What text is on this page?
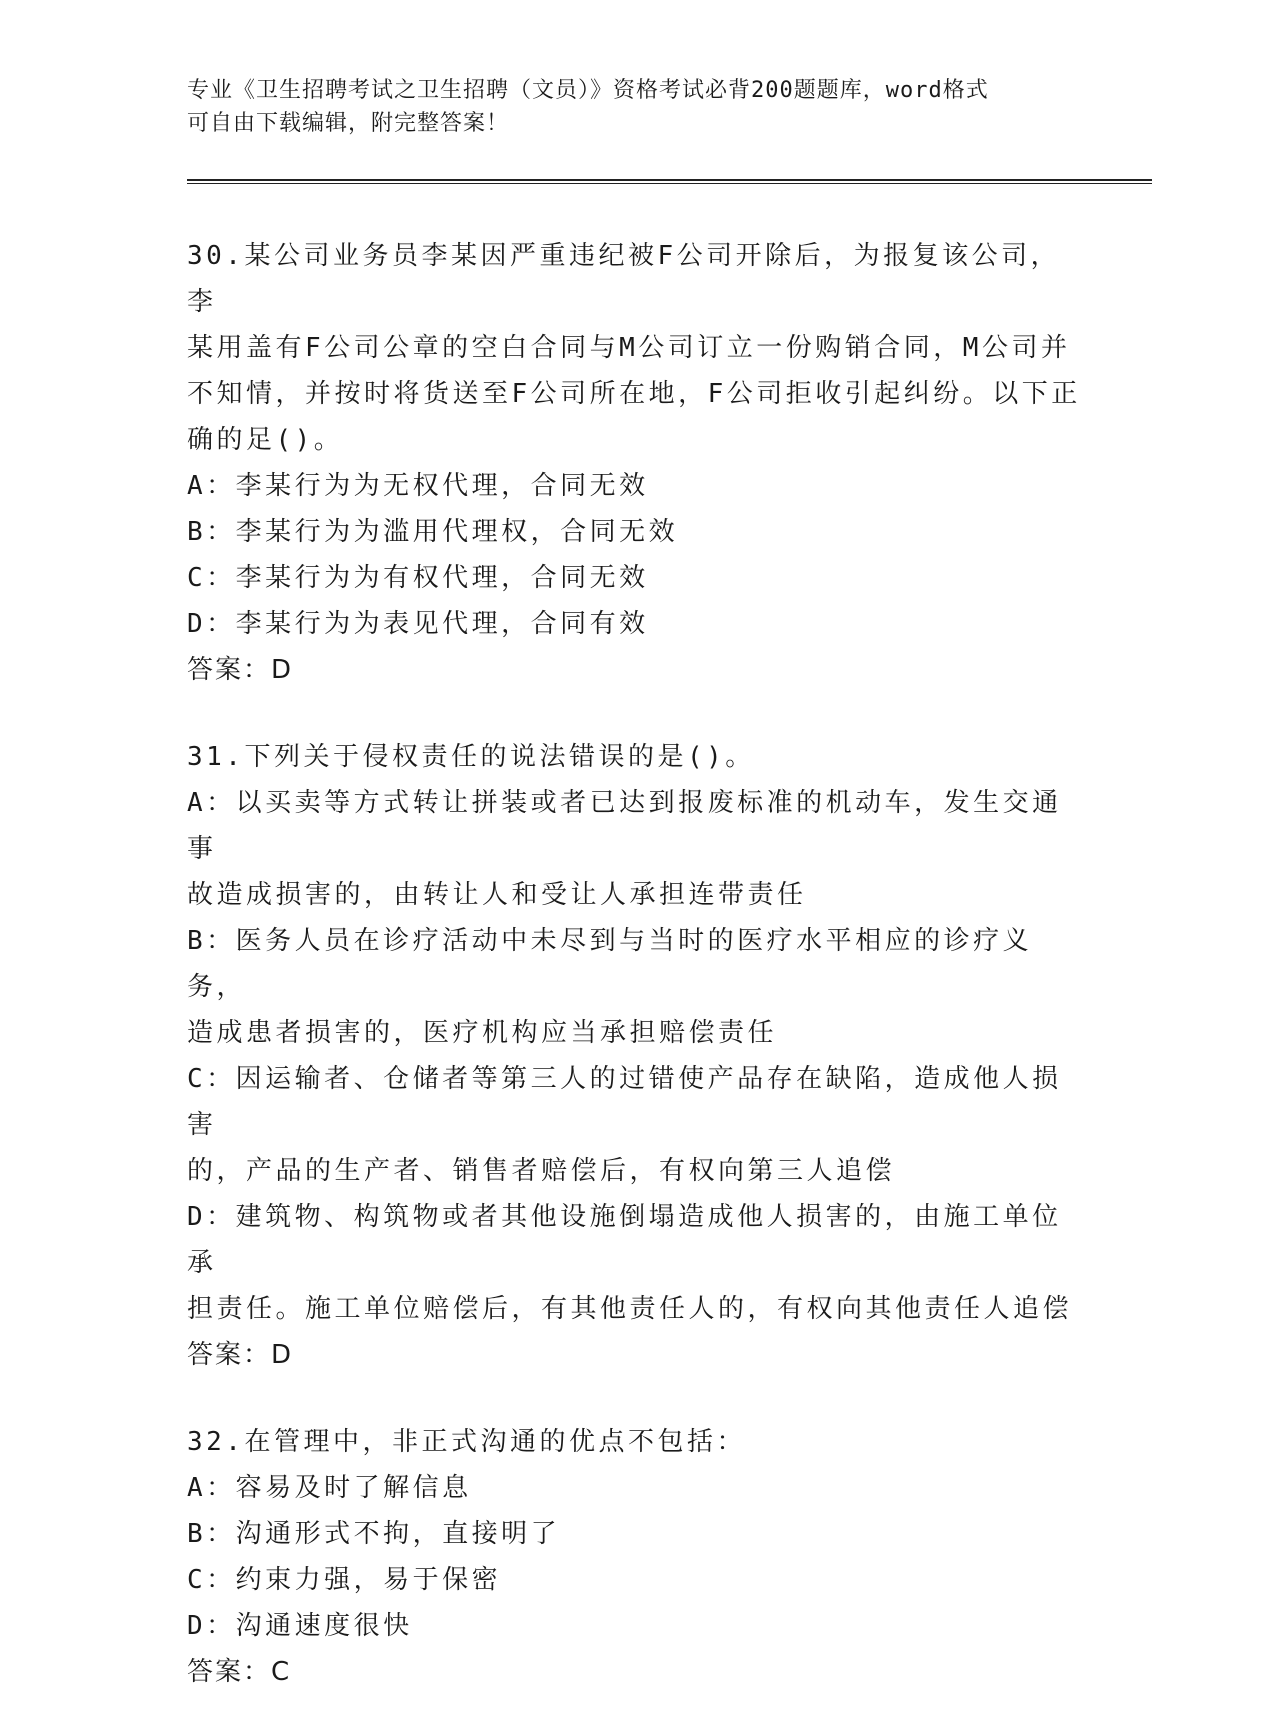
专业《卫生招聘考试之卫生招聘（文员）》资格考试必背200题题库，word格式
可自由下载编辑，附完整答案！
30.某公司业务员李某因严重违纪被F公司开除后，为报复该公司，李
某用盖有F公司公章的空白合同与M公司订立一份购销合同，M公司并
不知情，并按时将货送至F公司所在地，F公司拒收引起纠纷。以下正
确的足()。
A：李某行为为无权代理，合同无效
B：李某行为为滥用代理权，合同无效
C：李某行为为有权代理，合同无效
D：李某行为为表见代理，合同有效
答案：D
31.下列关于侵权责任的说法错误的是()。
A：以买卖等方式转让拼装或者已达到报废标准的机动车，发生交通事
故造成损害的，由转让人和受让人承担连带责任
B：医务人员在诊疗活动中未尽到与当时的医疗水平相应的诊疗义务，
造成患者损害的，医疗机构应当承担赔偿责任
C：因运输者、仓储者等第三人的过错使产品存在缺陷，造成他人损害
的，产品的生产者、销售者赔偿后，有权向第三人追偿
D：建筑物、构筑物或者其他设施倒塌造成他人损害的，由施工单位承
担责任。施工单位赔偿后，有其他责任人的，有权向其他责任人追偿
答案：D
32.在管理中，非正式沟通的优点不包括：
A：容易及时了解信息
B：沟通形式不拘，直接明了
C：约束力强，易于保密
D：沟通速度很快
答案：C
